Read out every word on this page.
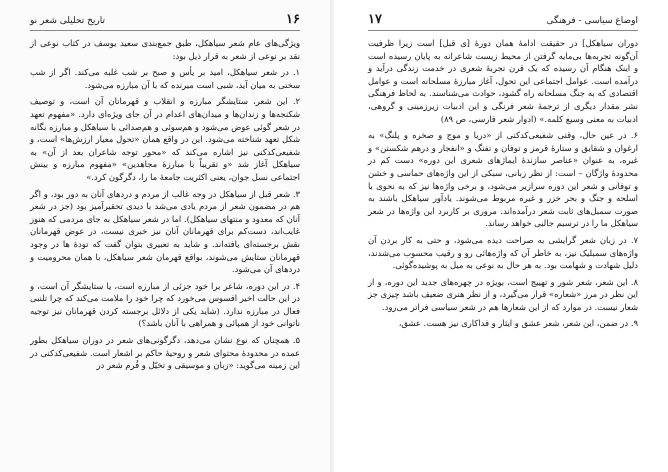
۱۶
تاریخ تحلیلی شعر نو

ویژگی‌های عام شعر سیاهکل، طبق جمع‌بندی سعید یوسف در کتاب نوعی از نقد بر نوعی از شعر به قرار ذیل بود:

۱. در شعر سیاهکل، امید بر یأس و صبح بر شب غلبه می‌کند. اگر از شب سخنی به میان آید، شبی است میرنده که با آن مبارزه می‌شود.

۲. این شعر، ستایشگر مبارزه و انقلاب و قهرمانان آن است، و توصیف شکنجه‌ها و زندان‌ها و میدان‌های اعدام در آن جای ویژه‌ای دارد. «مفهوم تعهد در شعر گوئی عوض می‌شود و هم‌سوئی و هم‌صدائی با سیاهکل و مبارزه بگانه شکل تعهد شناخته می‌شود. این در واقع همان «تحول معیار ارزش‌ها» است، و شفیعی‌کدکنی نیز اشاره می‌کند که «محور توجه شاعران بعد از آن» به سیاهکل آغاز شد «و تقریباً با مبارزهٔ مجاهدین» «مفهوم مبارزه و بینش اجتماعی نسل جوان، یعنی اکثریت جامعهٔ ما را، دگرگون کرد.»

۳. شعر قبل از سیاهکل در وجه غالب از مردم و دردهای آنان به دور بود، و اگر هم در مضمون شعر از مردم یادی می‌شد با دیدی تحقیرآمیز بود (جز در شعر آنان که معدود و منتهای سیاهکل). اما در شعر سیاهکل به جای مردمی که هنوز غایب‌اند، دست‌کم برای قهرمانان آنان نیز خبری نیست، در عوض قهرمانان نقش برجسته‌ای یافته‌اند. و شاید به تعبیری بتوان گفت که تودهٔ ها در وجود قهرمانان ستایش می‌شوند، بواقع قهرمان شعر سیاهکل، با همان محرومیت و دردهای آن می‌شود.

۴. در این دوره، شاعر برا خود جزئی از مبارزه است، یا ستایشگر آن است، و در این حالت اخیر افسوس می‌خورد که چرا خود را ملامت می‌کند که چرا تلنبی فعال در مبارزه ندارد. (شاید یکی از دلائل برجسته کردن قهرمانان نیز توجیه ناتوانی خود از همپائی و همراهی با آنان باشد؟)

۵. همچنان که نوع نشان می‌دهد، دگرگونی‌های شعر در دوران سیاهکل بطور عمده در محدودهٔ محتوای شعر و روحیهٔ حاکم بر اشعار است. شفیعی‌کدکنی در این زمینه می‌گوید: «زبان و موسیقی و تخیّل و فُرم شعر در

اوضاع سیاسی - فرهنگی
۱۷

دوران سیاهکل] در حقیقت ادامهٔ همان دورهٔ [ی قبل] است زیرا ظرفیت آن‌گونه تجربه‌ها بی‌مایه گرفتن از محیط زیست شاعرانه به پایان رسیده است و اینک هنگام آن رسیده که یک قرن تجربهٔ شعری در خدمت زندگی درآید و درآمده است. عوامل اجتماعی این تحول، آغاز مبارزهٔ مسلحانه است و عوامل اقتصادی که به جنگ مسلحانه راه گشود، حوادث می‌شناسند. به لحاظ فرهنگی نشر مقدار دیگری از ترجمهٔ شعر فرنگی و این ادبیات زیرزمینی و گروهی، ادبیات به معنی وسیع کلمه.» (ادوار شعر فارسی، ص ۸۹)

۶. در عین حال، وقتی شفیعی‌کدکنی از «دریا و موج و صخره و پلنگ» به ارغوان و شقایق و ستارهٔ قرمز و توفان و تفنگ و «انفجار و درهم شکستن» و غیره، به عنوان «عناصر سازندهٔ ایماژهای شعری این دوره» دست کم در محدودهٔ واژگان – است: از نظر زبانی، سبکی از این واژه‌های حماسی و خشن و توفانی و شعر این دوره سرازیر می‌شود، و برخی واژه‌ها نیز که به نحوی با اسلحه و جنگ و بحر خزر و غیره مربوط می‌شوند. یادآور سیاهکل باشند به صورت سمبل‌های ثابت شعر درآمده‌اند. مروری بر کاربرد این واژه‌ها در شعر سیاهکل ما را در ترسیم جالبی خواهد رساند.

۷. در زبان شعر گرایشی به صراحت دیده می‌شود، و حتی به کار بردن آن واژه‌های سمبلیک نیز، به خاطر آن که واژه‌هائی رو و رقیب محسوب می‌شدند، دلیل شهادت و شهامت بود. به هر حال به نوعی به میل به پوشیده‌گوئی.

۸. این شعر، شعر شور و تهییج است، بویژه در چهره‌های جدید این دوره، و از این نظر در مرز «شعاره» قرار می‌گیرد، و از نظر هنری ضعیف باشد چیزی جز شعار نیست. در موارد که از این شعارها هم در شعر سیاسی فراتر می‌رود.

۹. در ضمن، این شعر، شعر عشق و ایثار و فداکاری نیز هست. عشق،
